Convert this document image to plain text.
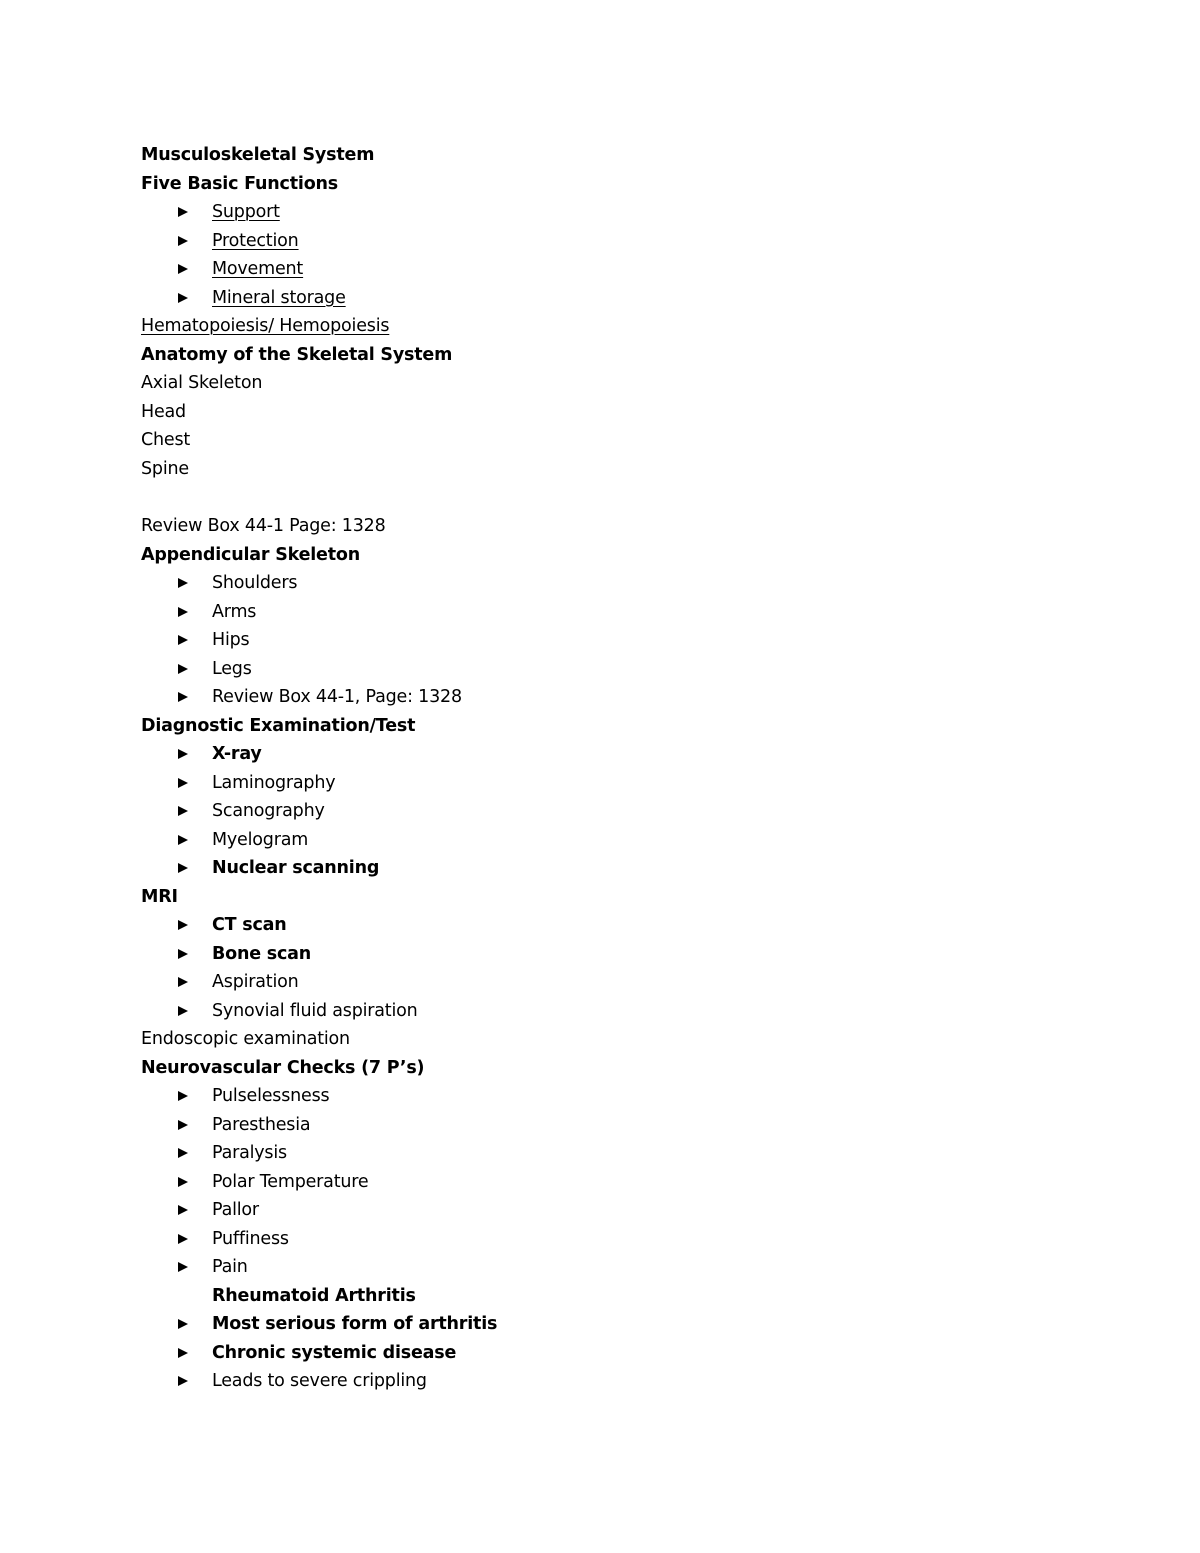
Musculoskeletal System
Five Basic Functions
Support
Protection
Movement
Mineral storage
Hematopoiesis/ Hemopoiesis
Anatomy of the Skeletal System
Axial Skeleton
Head
Chest
Spine
Review Box 44-1 Page: 1328
Appendicular Skeleton
Shoulders
Arms
Hips
Legs
Review Box 44-1, Page: 1328
Diagnostic Examination/Test
X-ray
Laminography
Scanography
Myelogram
Nuclear scanning
MRI
CT scan
Bone scan
Aspiration
Synovial fluid aspiration
Endoscopic examination
Neurovascular Checks (7 P’s)
Pulselessness
Paresthesia
Paralysis
Polar Temperature
Pallor
Puffiness
Pain
Rheumatoid Arthritis
Most serious form of arthritis
Chronic systemic disease
Leads to severe crippling
